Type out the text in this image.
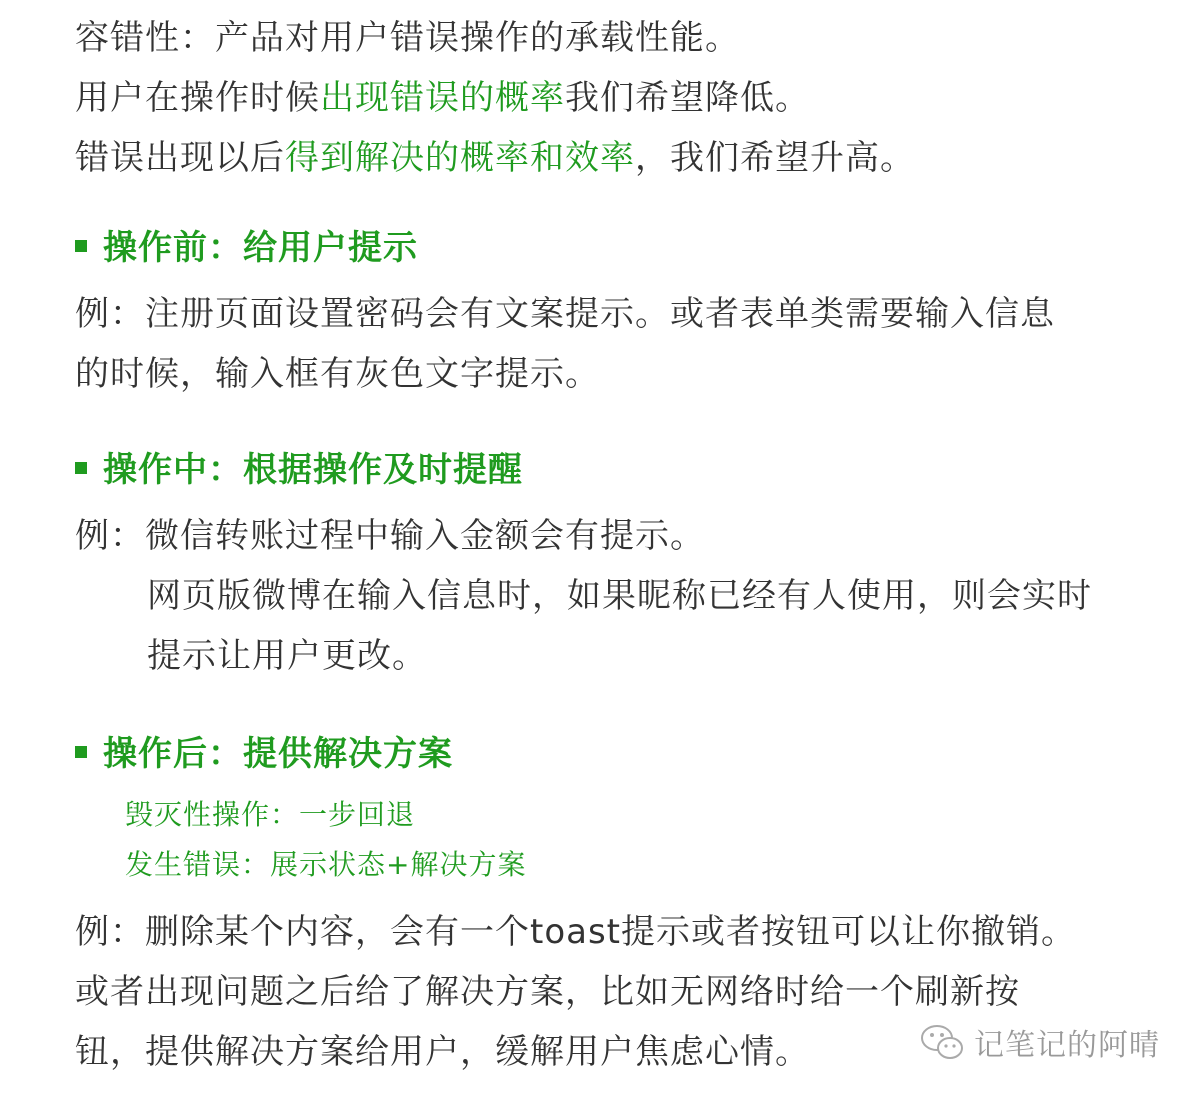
容错性：产品对用户错误操作的承载性能。
用户在操作时候出现错误的概率我们希望降低。
错误出现以后得到解决的概率和效率，我们希望升高。
操作前：给用户提示
例：注册页面设置密码会有文案提示。或者表单类需要输入信息
的时候，输入框有灰色文字提示。
操作中：根据操作及时提醒
例：微信转账过程中输入金额会有提示。
网页版微博在输入信息时，如果昵称已经有人使用，则会实时
提示让用户更改。
操作后：提供解决方案
毁灭性操作：一步回退
发生错误：展示状态+解决方案
例：删除某个内容，会有一个toast提示或者按钮可以让你撤销。
或者出现问题之后给了解决方案，比如无网络时给一个刷新按
钮，提供解决方案给用户，缓解用户焦虑心情。	记笔记的阿晴
